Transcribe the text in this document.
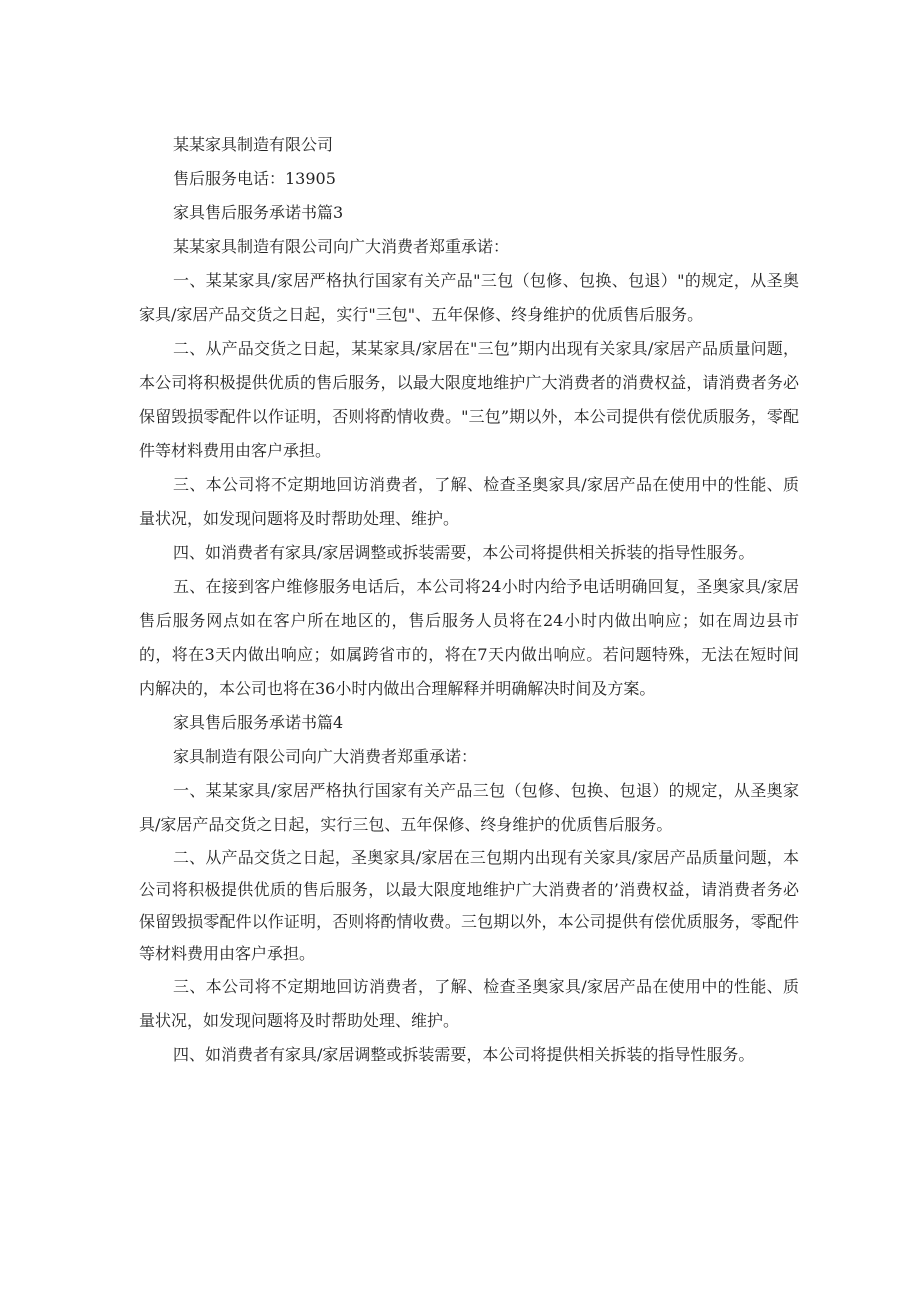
某某家具制造有限公司

售后服务电话：13905

家具售后服务承诺书篇3

某某家具制造有限公司向广大消费者郑重承诺：

一、某某家具/家居严格执行国家有关产品"三包（包修、包换、包退）"的规定，从圣奥家具/家居产品交货之日起，实行"三包"、五年保修、终身维护的优质售后服务。

二、从产品交货之日起，某某家具/家居在"三包”期内出现有关家具/家居产品质量问题，本公司将积极提供优质的售后服务，以最大限度地维护广大消费者的消费权益，请消费者务必保留毁损零配件以作证明，否则将酌情收费。"三包”期以外，本公司提供有偿优质服务，零配件等材料费用由客户承担。

三、本公司将不定期地回访消费者，了解、检查圣奥家具/家居产品在使用中的性能、质量状况，如发现问题将及时帮助处理、维护。

四、如消费者有家具/家居调整或拆装需要，本公司将提供相关拆装的指导性服务。

五、在接到客户维修服务电话后，本公司将24小时内给予电话明确回复，圣奥家具/家居售后服务网点如在客户所在地区的，售后服务人员将在24小时内做出响应；如在周边县市的，将在3天内做出响应；如属跨省市的，将在7天内做出响应。若问题特殊，无法在短时间内解决的，本公司也将在36小时内做出合理解释并明确解决时间及方案。

家具售后服务承诺书篇4

家具制造有限公司向广大消费者郑重承诺：

一、某某家具/家居严格执行国家有关产品三包（包修、包换、包退）的规定，从圣奥家具/家居产品交货之日起，实行三包、五年保修、终身维护的优质售后服务。

二、从产品交货之日起，圣奥家具/家居在三包期内出现有关家具/家居产品质量问题，本公司将积极提供优质的售后服务，以最大限度地维护广大消费者的’消费权益，请消费者务必保留毁损零配件以作证明，否则将酌情收费。三包期以外，本公司提供有偿优质服务，零配件等材料费用由客户承担。

三、本公司将不定期地回访消费者，了解、检查圣奥家具/家居产品在使用中的性能、质量状况，如发现问题将及时帮助处理、维护。

四、如消费者有家具/家居调整或拆装需要，本公司将提供相关拆装的指导性服务。
